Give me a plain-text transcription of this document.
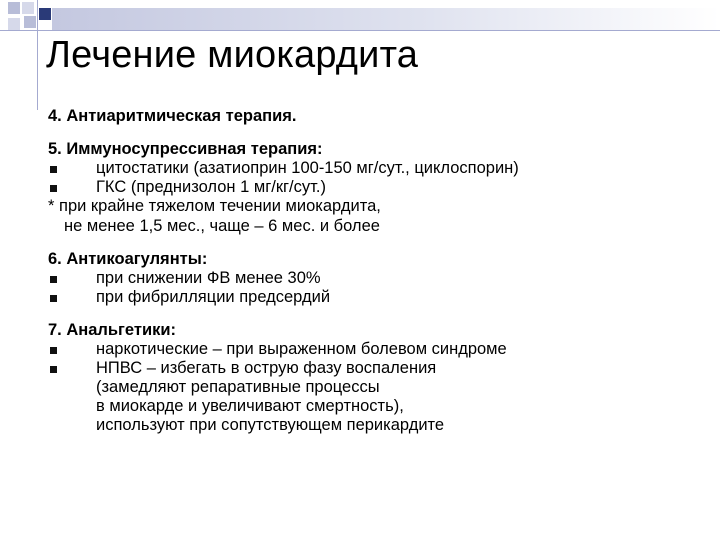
Лечение миокардита

4. Антиаритмическая терапия.

5. Иммуносупрессивная терапия:

цитостатики (азатиоприн 100-150 мг/сут., циклоспорин)
ГКС (преднизолон 1 мг/кг/сут.)
* при крайне тяжелом течении миокардита,
не менее 1,5 мес., чаще – 6 мес. и более

6. Антикоагулянты:

при снижении ФВ менее 30%
при фибрилляции предсердий

7. Анальгетики:

наркотические – при выраженном болевом синдроме
НПВС – избегать в острую фазу воспаления
(замедляют репаративные процессы
в миокарде и увеличивают смертность),
используют при сопутствующем перикардите
